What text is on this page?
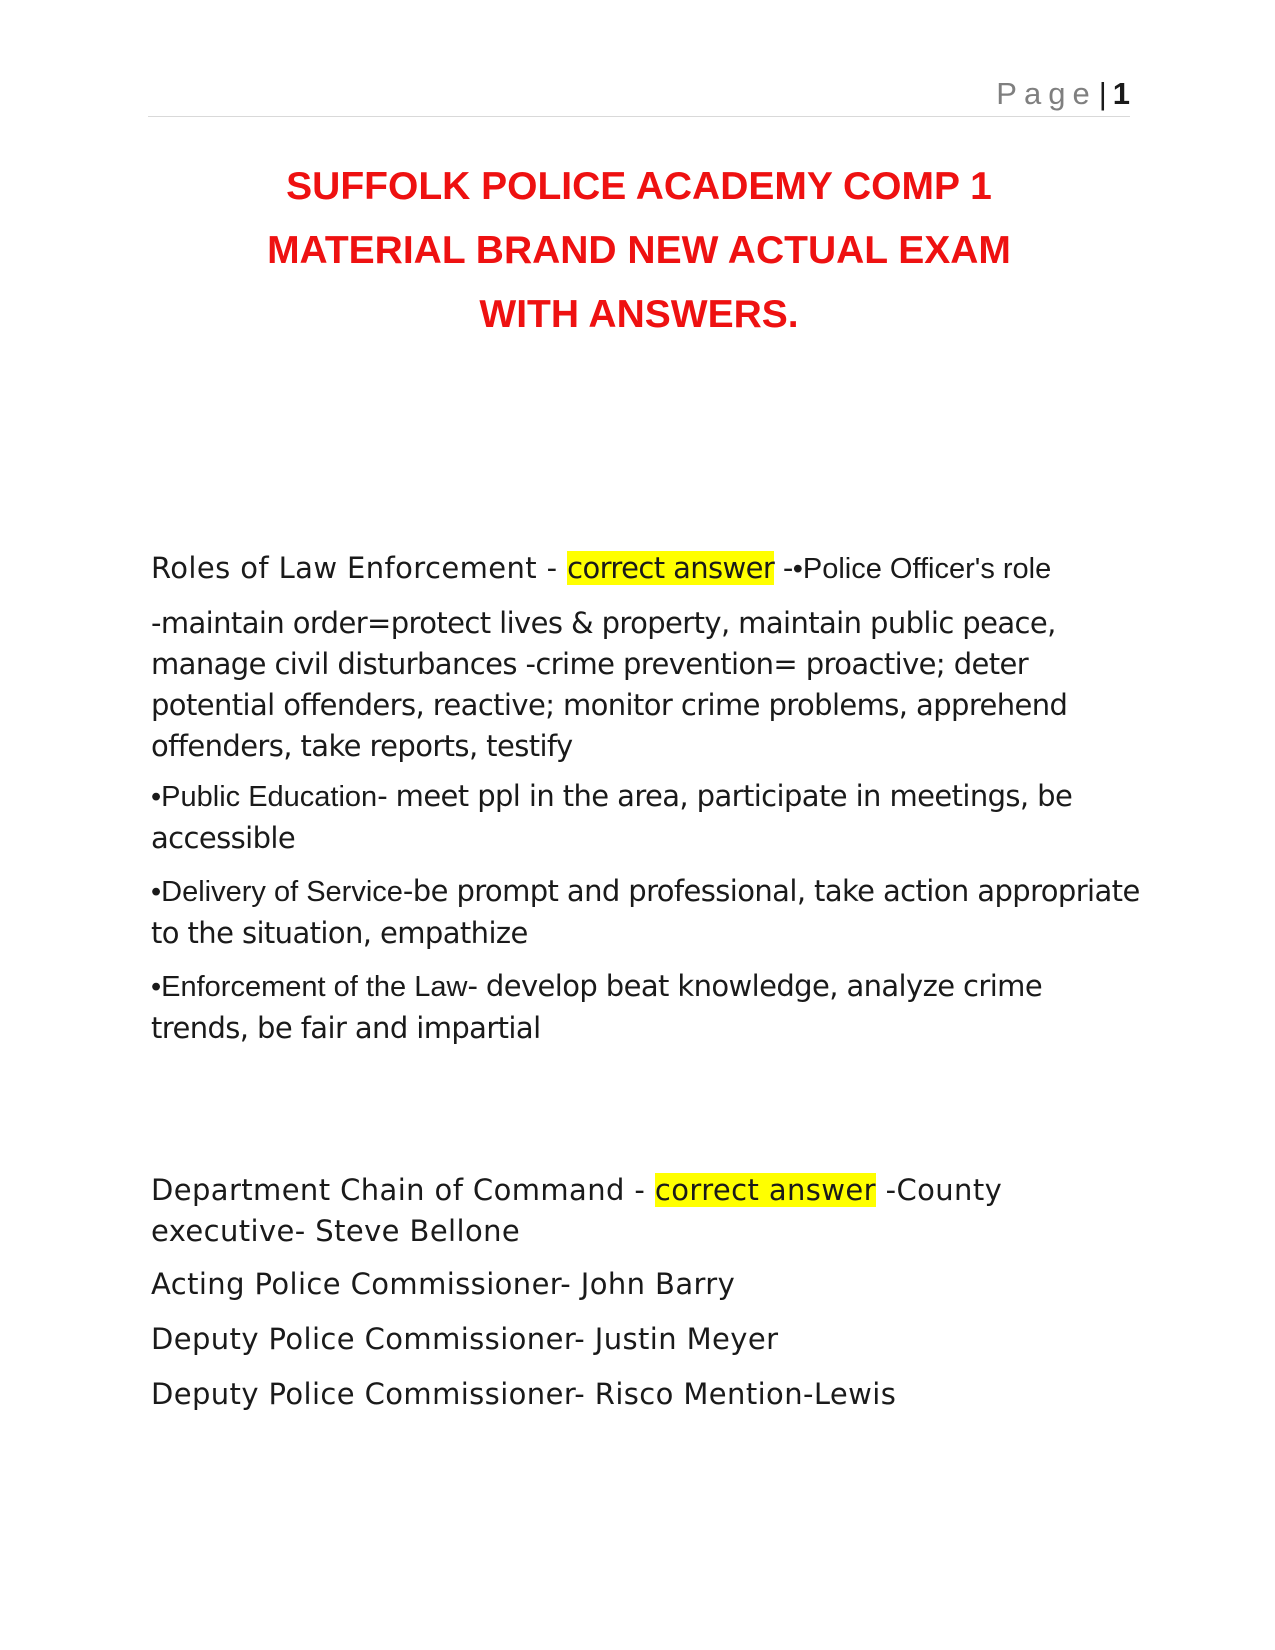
Page| 1
SUFFOLK POLICE ACADEMY COMP 1
MATERIAL BRAND NEW ACTUAL EXAM
WITH ANSWERS.

Roles of Law Enforcement - correct answer -•Police Officer's role

-maintain order=protect lives & property, maintain public peace, manage civil disturbances -crime prevention= proactive; deter potential offenders, reactive; monitor crime problems, apprehend offenders, take reports, testify

•Public Education- meet ppl in the area, participate in meetings, be accessible

•Delivery of Service-be prompt and professional, take action appropriate to the situation, empathize

•Enforcement of the Law- develop beat knowledge, analyze crime trends, be fair and impartial

Department Chain of Command - correct answer -County executive- Steve Bellone

Acting Police Commissioner- John Barry

Deputy Police Commissioner- Justin Meyer

Deputy Police Commissioner- Risco Mention-Lewis
